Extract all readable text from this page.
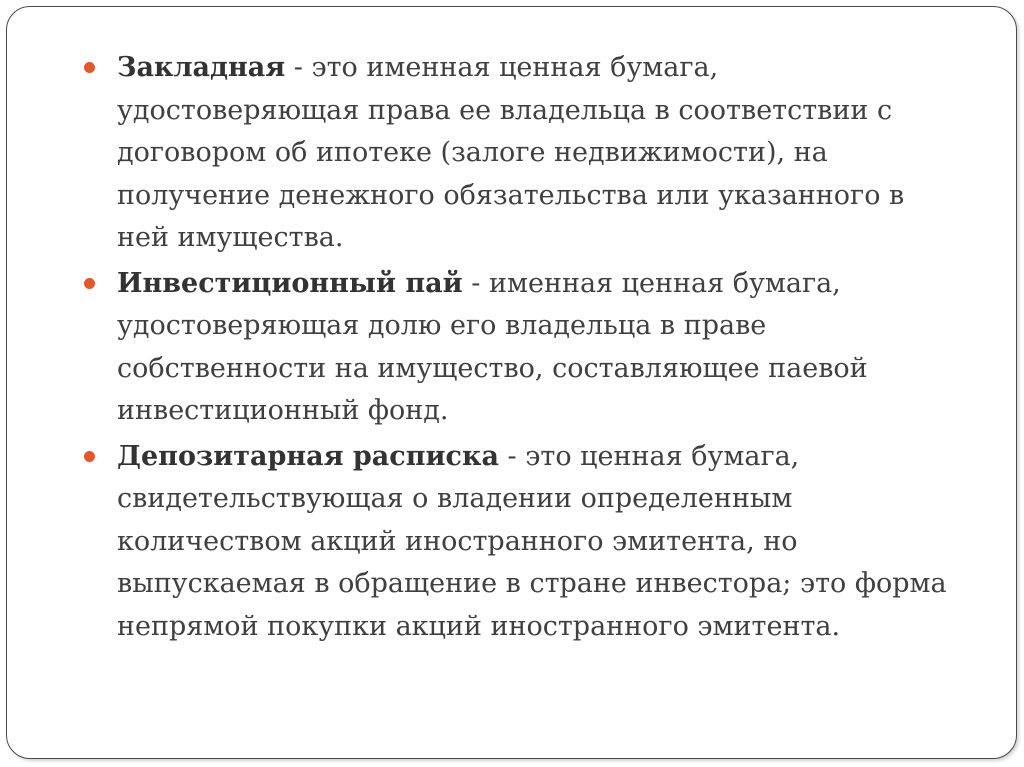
Закладная - это именная ценная бумага, удостоверяющая права ее владельца в соответствии с договором об ипотеке (залоге недвижимости), на получение денежного обязательства или указанного в ней имущества.
Инвестиционный пай - именная ценная бумага, удостоверяющая долю его владельца в праве собственности на имущество, составляющее паевой инвестиционный фонд.
Депозитарная расписка - это ценная бумага, свидетельствующая о владении определенным количеством акций иностранного эмитента, но выпускаемая в обращение в стране инвестора; это форма непрямой покупки акций иностранного эмитента.
